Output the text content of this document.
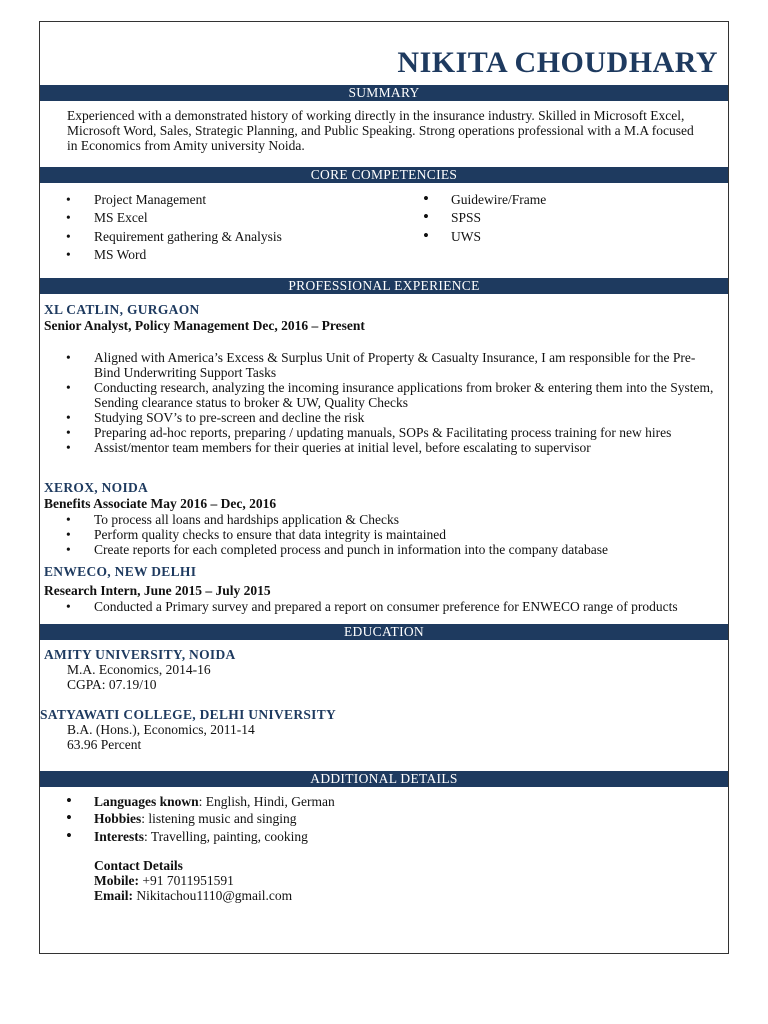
NIKITA CHOUDHARY
SUMMARY
Experienced with a demonstrated history of working directly in the insurance industry. Skilled in Microsoft Excel,
Microsoft Word, Sales, Strategic Planning, and Public Speaking. Strong operations professional with a M.A focused
in Economics from Amity university Noida.
CORE COMPETENCIES
• Project Management
• MS Excel
• Requirement gathering & Analysis
• MS Word
• Guidewire/Frame
• SPSS
• UWS
PROFESSIONAL EXPERIENCE
XL CATLIN, GURGAON
Senior Analyst, Policy Management Dec, 2016 – Present
• Aligned with America’s Excess & Surplus Unit of Property & Casualty Insurance, I am responsible for the Pre-
Bind Underwriting Support Tasks
• Conducting research, analyzing the incoming insurance applications from broker & entering them into the System,
Sending clearance status to broker & UW, Quality Checks
• Studying SOV’s to pre-screen and decline the risk
• Preparing ad-hoc reports, preparing / updating manuals, SOPs & Facilitating process training for new hires
• Assist/mentor team members for their queries at initial level, before escalating to supervisor
XEROX, NOIDA
Benefits Associate May 2016 – Dec, 2016
• To process all loans and hardships application & Checks
• Perform quality checks to ensure that data integrity is maintained
• Create reports for each completed process and punch in information into the company database
ENWECO, NEW DELHI
Research Intern, June 2015 – July 2015
• Conducted a Primary survey and prepared a report on consumer preference for ENWECO range of products
EDUCATION
AMITY UNIVERSITY, NOIDA
M.A. Economics, 2014-16
CGPA: 07.19/10
SATYAWATI COLLEGE, DELHI UNIVERSITY
B.A. (Hons.), Economics, 2011-14
63.96 Percent
ADDITIONAL DETAILS
• Languages known: English, Hindi, German
• Hobbies: listening music and singing
• Interests: Travelling, painting, cooking
Contact Details
Mobile: +91 7011951591
Email: Nikitachou1110@gmail.com
